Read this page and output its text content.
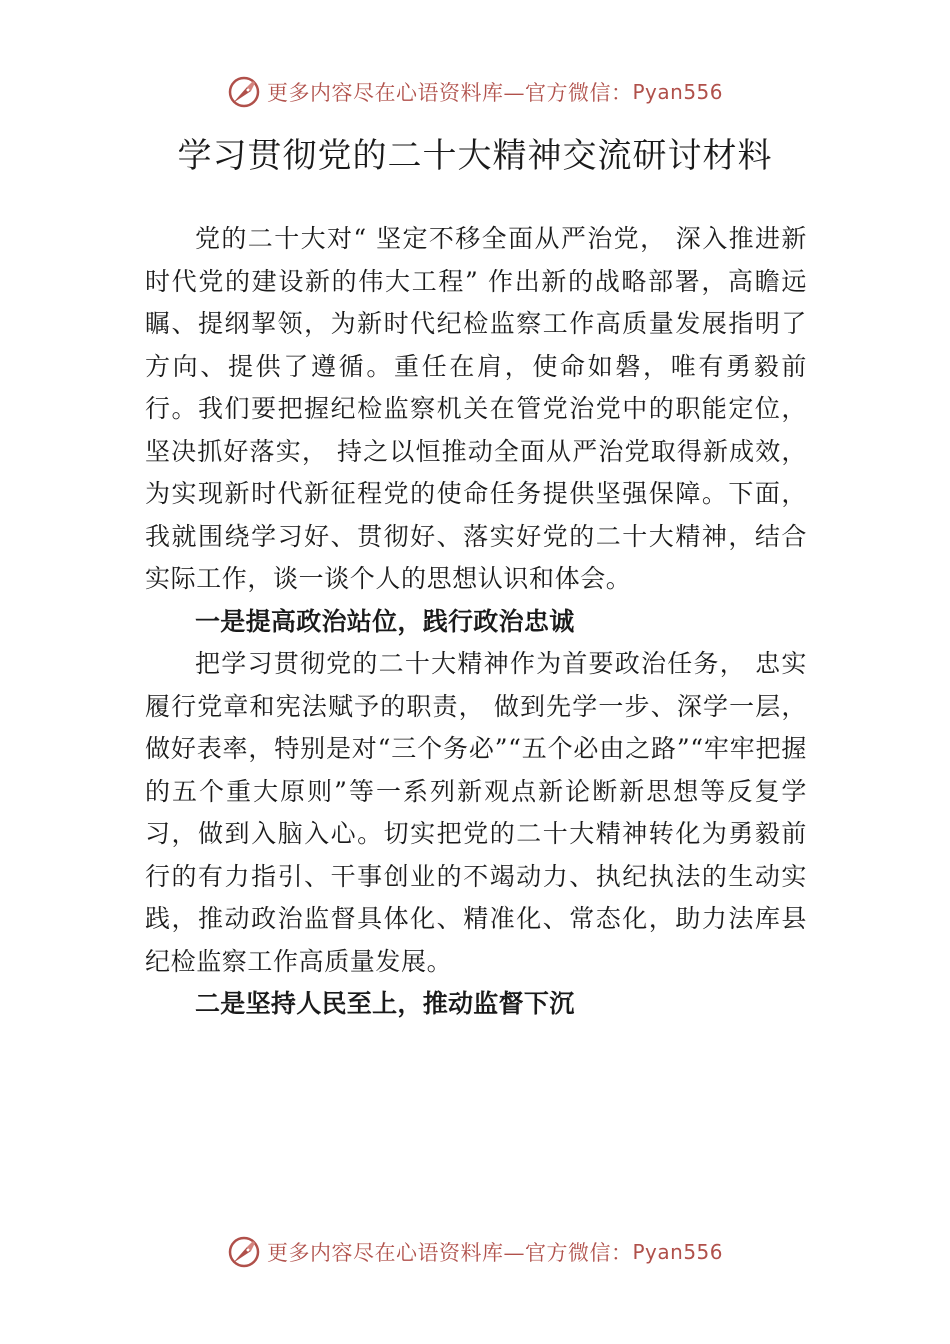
更多内容尽在心语资料库—官方微信： Pyan556
学习贯彻党的二十大精神交流研讨材料

党的二十大对“ 坚定不移全面从严治党， 深入推进新时代党的建设新的伟大工程” 作出新的战略部署，高瞻远瞩、提纲挈领，为新时代纪检监察工作高质量发展指明了方向、提供了遵循。重任在肩，使命如磐，唯有勇毅前行。我们要把握纪检监察机关在管党治党中的职能定位， 坚决抓好落实， 持之以恒推动全面从严治党取得新成效，为实现新时代新征程党的使命任务提供坚强保障。下面，我就围绕学习好、贯彻好、落实好党的二十大精神，结合实际工作，谈一谈个人的思想认识和体会。

一是提高政治站位，践行政治忠诚

把学习贯彻党的二十大精神作为首要政治任务， 忠实履行党章和宪法赋予的职责， 做到先学一步、深学一层，做好表率，特别是对“三个务必”“五个必由之路”“牢牢把握的五个重大原则”等一系列新观点新论断新思想等反复学习，做到入脑入心。切实把党的二十大精神转化为勇毅前行的有力指引、干事创业的不竭动力、执纪执法的生动实践，推动政治监督具体化、精准化、常态化，助力法库县纪检监察工作高质量发展。

二是坚持人民至上，推动监督下沉
更多内容尽在心语资料库—官方微信： Pyan556
